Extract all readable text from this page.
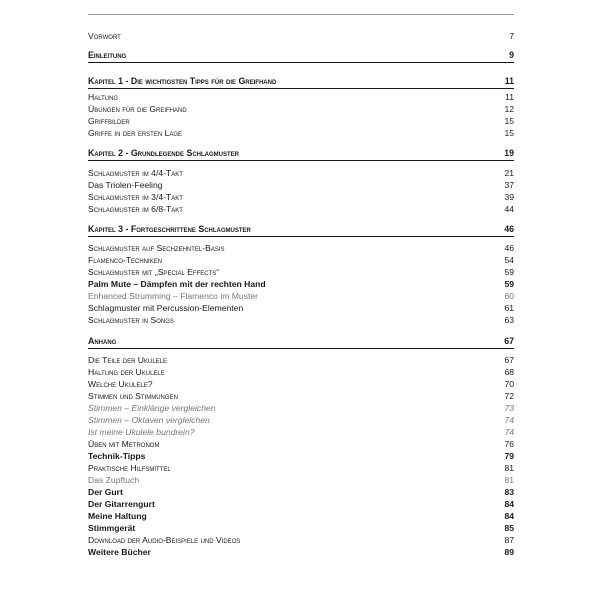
Vorwort	7
Einleitung	9
Kapitel 1 - Die wichtigsten Tipps für die Greifhand	11
Haltung	11
Übungen für die Greifhand	12
Griffbilder	15
Griffe in der ersten Lage	15
Kapitel 2 - Grundlegende Schlagmuster	19
Schlagmuster im 4/4-Takt	21
Das Triolen-Feeling	37
Schlagmuster im 3/4-Takt	39
Schlagmuster im 6/8-Takt	44
Kapitel 3 - Fortgeschrittene Schlagmuster	46
Schlagmuster auf Sechzehntel-Basis	46
Flamenco-Techniken	54
Schlagmuster mit „Special Effects“	59
Palm Mute – Dämpfen mit der rechten Hand	59
Enhanced Strumming – Flamenco im Muster	60
Schlagmuster mit Percussion-Elementen	61
Schlagmuster in Songs	63
Anhang	67
Die Teile der Ukulele	67
Haltung der Ukulele	68
Welche Ukulele?	70
Stimmen und Stimmungen	72
Stimmen – Einklänge vergleichen	73
Stimmen – Oktaven vergleichen	74
Ist meine Ukulele bundrein?	74
Üben mit Metronom	76
Technik-Tipps	79
Praktische Hilfsmittel	81
Das Zupftuch	81
Der Gurt	83
Der Gitarrengurt	84
Meine Haltung	84
Stimmgerät	85
Download der Audio-Beispiele und Videos	87
Weitere Bücher	89
